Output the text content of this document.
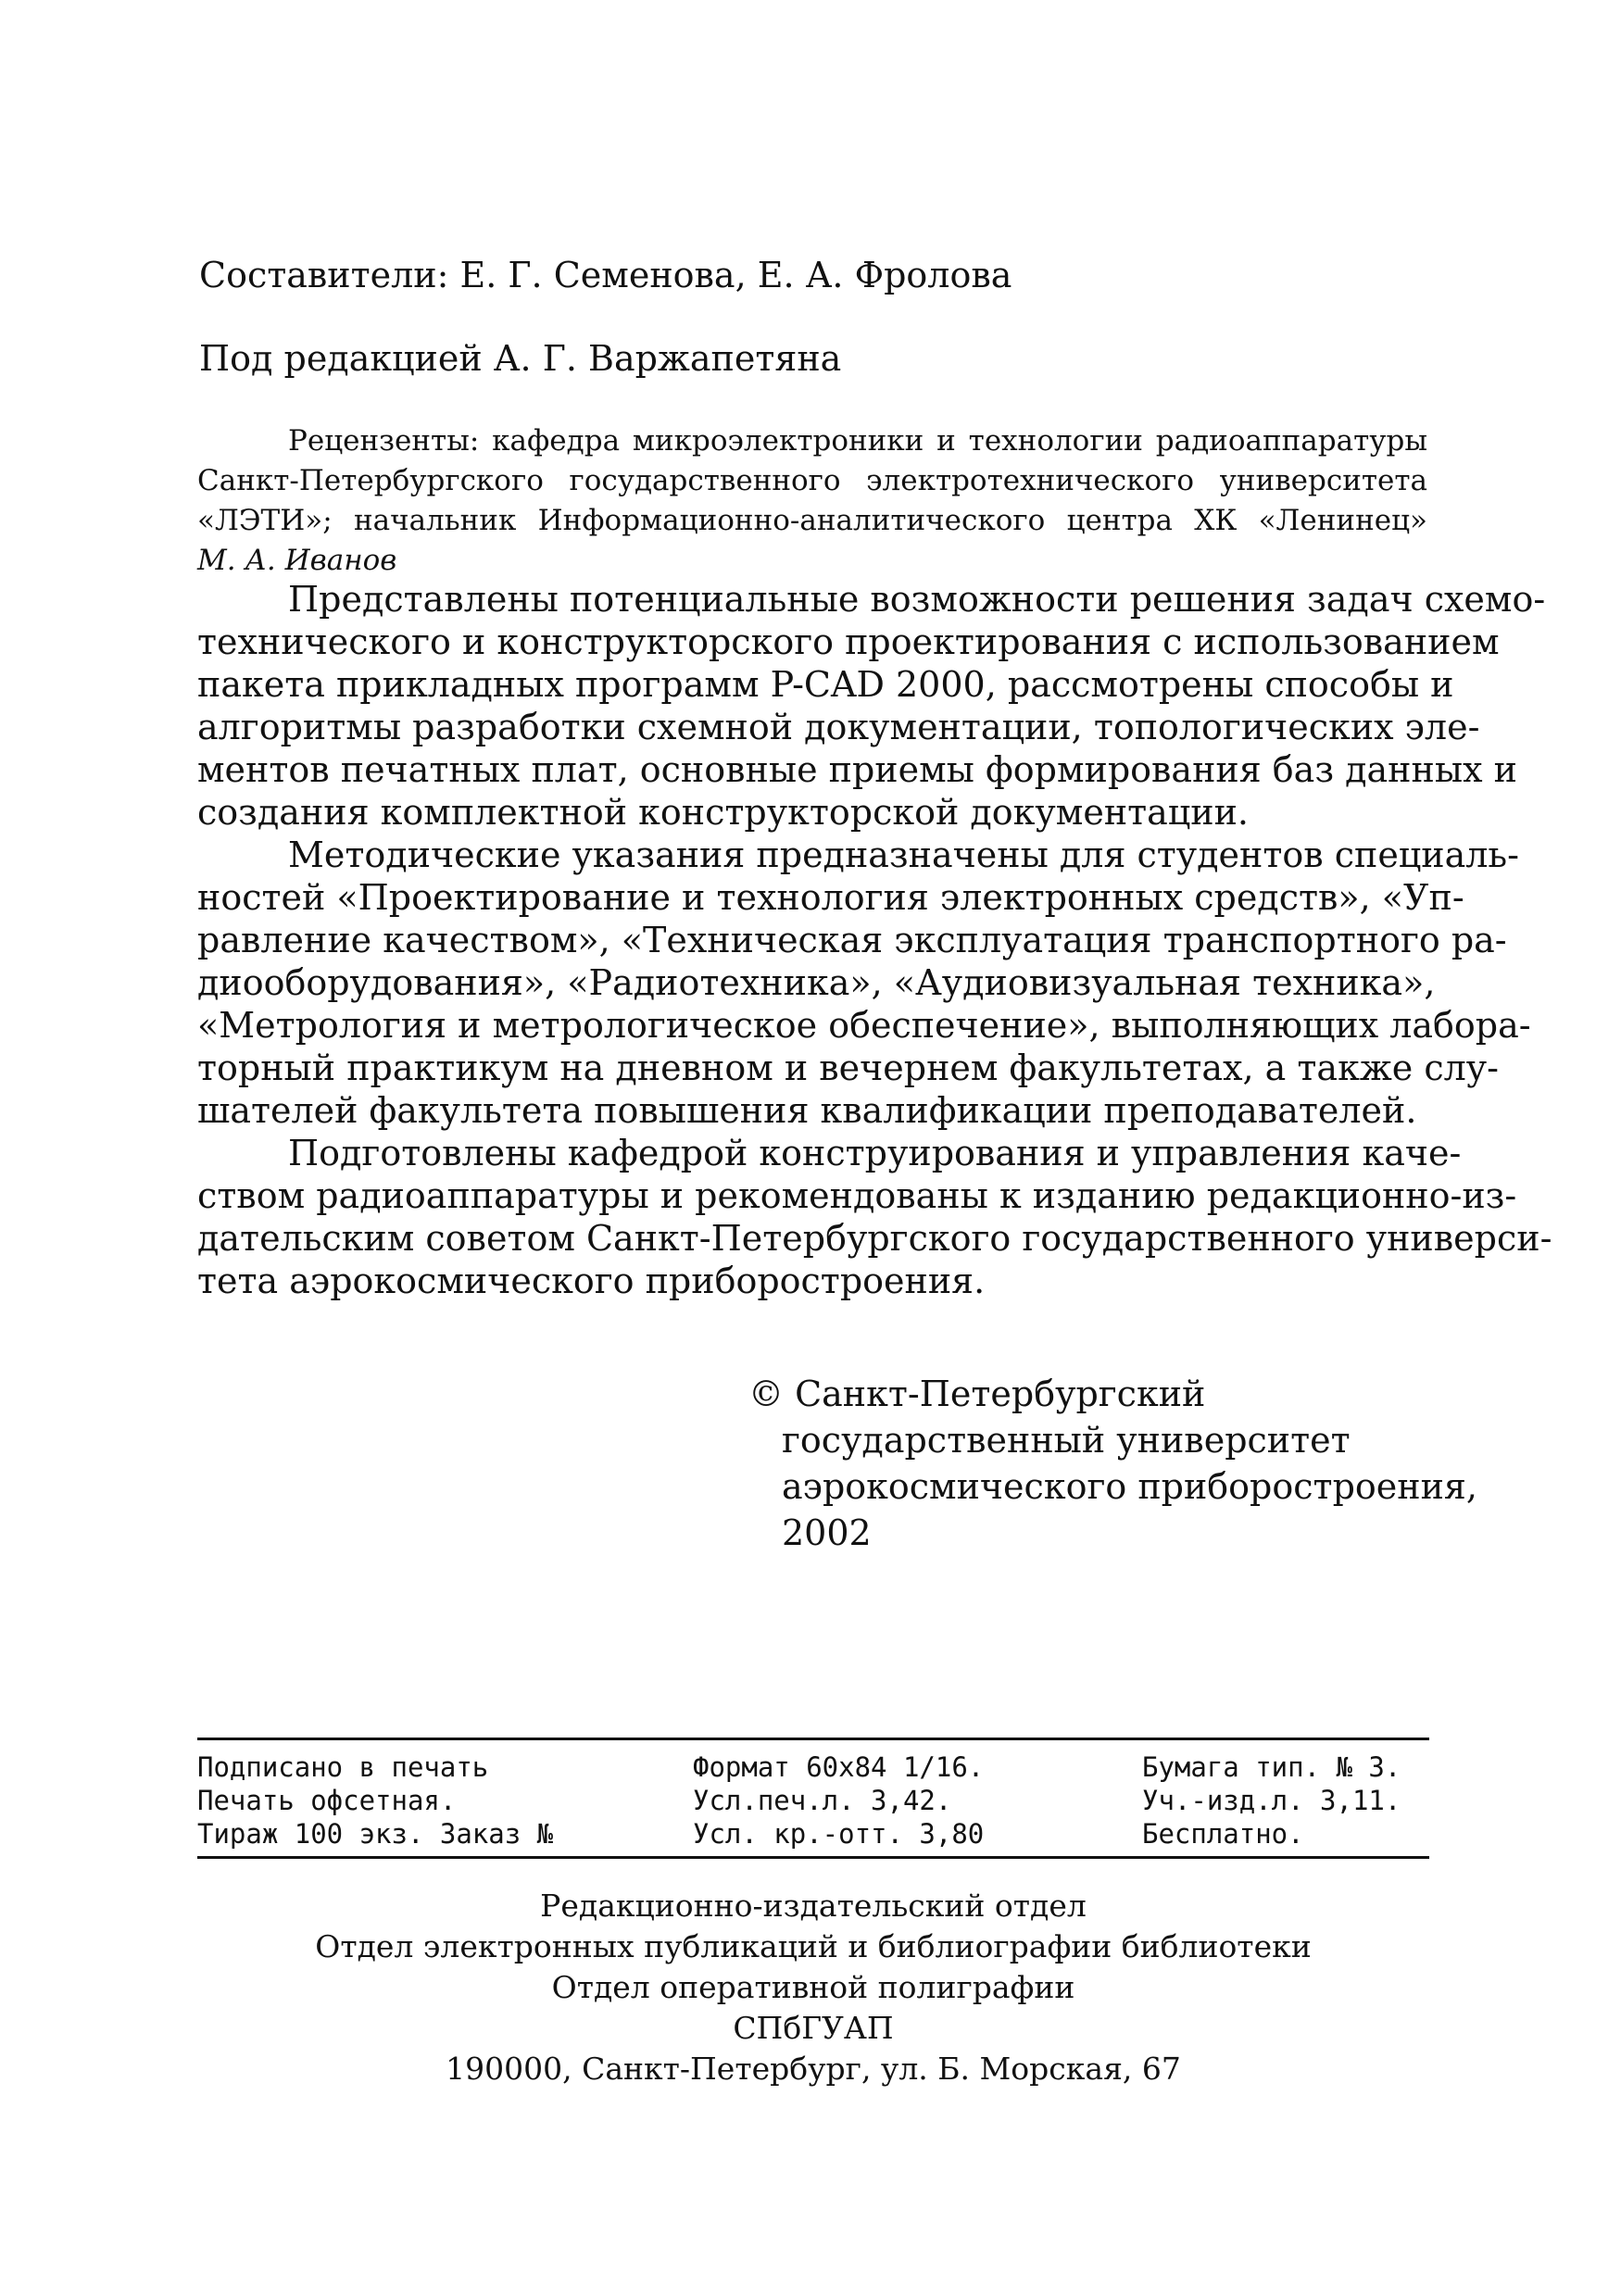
Составители: Е. Г. Семенова, Е. А. Фролова
Под редакцией А. Г. Варжапетяна
Рецензенты: кафедра микроэлектроники и технологии радиоаппаратуры
Санкт-Петербургского государственного электротехнического университета
«ЛЭТИ»; начальник Информационно-аналитического центра ХК «Ленинец»
М. А. Иванов
Представлены потенциальные возможности решения задач схемо-
технического и конструкторского проектирования с использованием
пакета прикладных программ P-CAD 2000, рассмотрены способы и
алгоритмы разработки схемной документации, топологических эле-
ментов печатных плат, основные приемы формирования баз данных и
создания комплектной конструкторской документации.
Методические указания предназначены для студентов специаль-
ностей «Проектирование и технология электронных средств», «Уп-
равление качеством», «Техническая эксплуатация транспортного ра-
диооборудования», «Радиотехника», «Аудиовизуальная техника»,
«Метрология и метрологическое обеспечение», выполняющих лабора-
торный практикум на дневном и вечернем факультетах, а также слу-
шателей факультета повышения квалификации преподавателей.
Подготовлены кафедрой конструирования и управления каче-
ством радиоаппаратуры и рекомендованы к изданию редакционно-из-
дательским советом Санкт-Петербургского государственного универси-
тета аэрокосмического приборостроения.
© Санкт-Петербургский
государственный университет
аэрокосмического приборостроения,
2002
Подписано в печать	Формат 60x84 1/16.	Бумага тип. № 3.
Печать офсетная.	Усл.печ.л. 3,42.	Уч.-изд.л. 3,11.
Тираж 100 экз. Заказ №	Усл. кр.-отт. 3,80	Бесплатно.
Редакционно-издательский отдел
Отдел электронных публикаций и библиографии библиотеки
Отдел оперативной полиграфии
СПбГУАП
190000, Санкт-Петербург, ул. Б. Морская, 67
